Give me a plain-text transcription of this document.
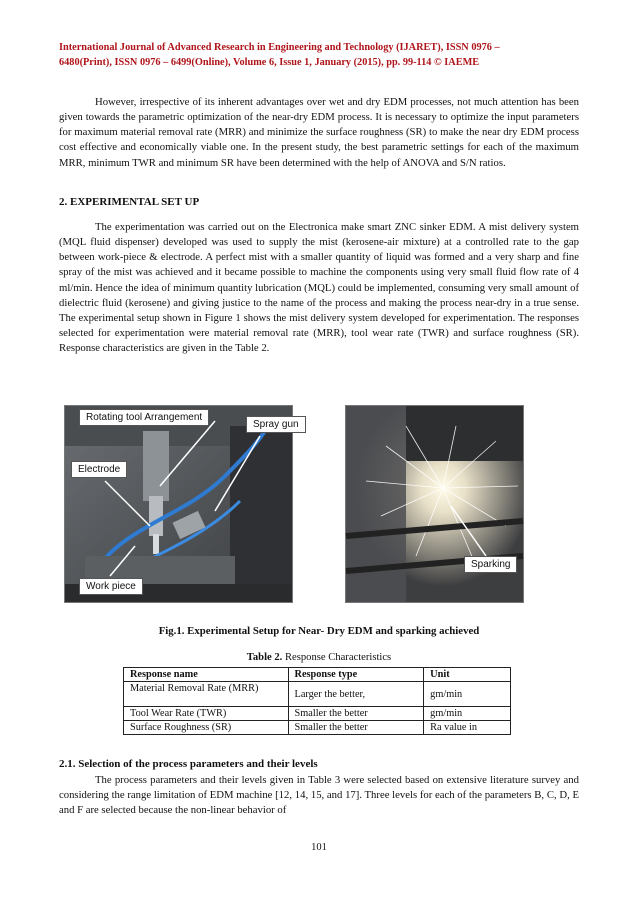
International Journal of Advanced Research in Engineering and Technology (IJARET), ISSN 0976 –
6480(Print), ISSN 0976 – 6499(Online), Volume 6, Issue 1, January (2015), pp. 99-114 © IAEME
However, irrespective of its inherent advantages over wet and dry EDM processes, not much attention has been given towards the parametric optimization of the near-dry EDM process. It is necessary to optimize the input parameters for maximum material removal rate (MRR) and minimize the surface roughness (SR) to make the near dry EDM process cost effective and economically viable one. In the present study, the best parametric settings for each of the maximum MRR, minimum TWR and minimum SR have been determined with the help of ANOVA and S/N ratios.
2. EXPERIMENTAL SET UP
The experimentation was carried out on the Electronica make smart ZNC sinker EDM. A mist delivery system (MQL fluid dispenser) developed was used to supply the mist (kerosene-air mixture) at a controlled rate to the gap between work-piece & electrode. A perfect mist with a smaller quantity of liquid was formed and a very sharp and fine spray of the mist was achieved and it became possible to machine the components using very small fluid flow rate of 4 ml/min. Hence the idea of minimum quantity lubrication (MQL) could be implemented, consuming very small amount of dielectric fluid (kerosene) and giving justice to the name of the process and making the process near-dry in a true sense. The experimental setup shown in Figure 1 shows the mist delivery system developed for experimentation. The responses selected for experimentation were material removal rate (MRR), tool wear rate (TWR) and surface roughness (SR). Response characteristics are given in the Table 2.
Rotating tool Arrangement
Spray gun
Electrode
Work piece
Sparking
Fig.1. Experimental Setup for Near- Dry EDM and sparking achieved
Table 2. Response Characteristics
Response name	Response type	Unit
Material Removal Rate (MRR)	Larger the better,	gm/min
Tool Wear Rate (TWR)	Smaller the better	gm/min
Surface Roughness (SR)	Smaller the better	Ra value in
2.1. Selection of the process parameters and their levels
The process parameters and their levels given in Table 3 were selected based on extensive literature survey and considering the range limitation of EDM machine [12, 14, 15, and 17]. Three levels for each of the parameters B, C, D, E and F are selected because the non-linear behavior of
101
